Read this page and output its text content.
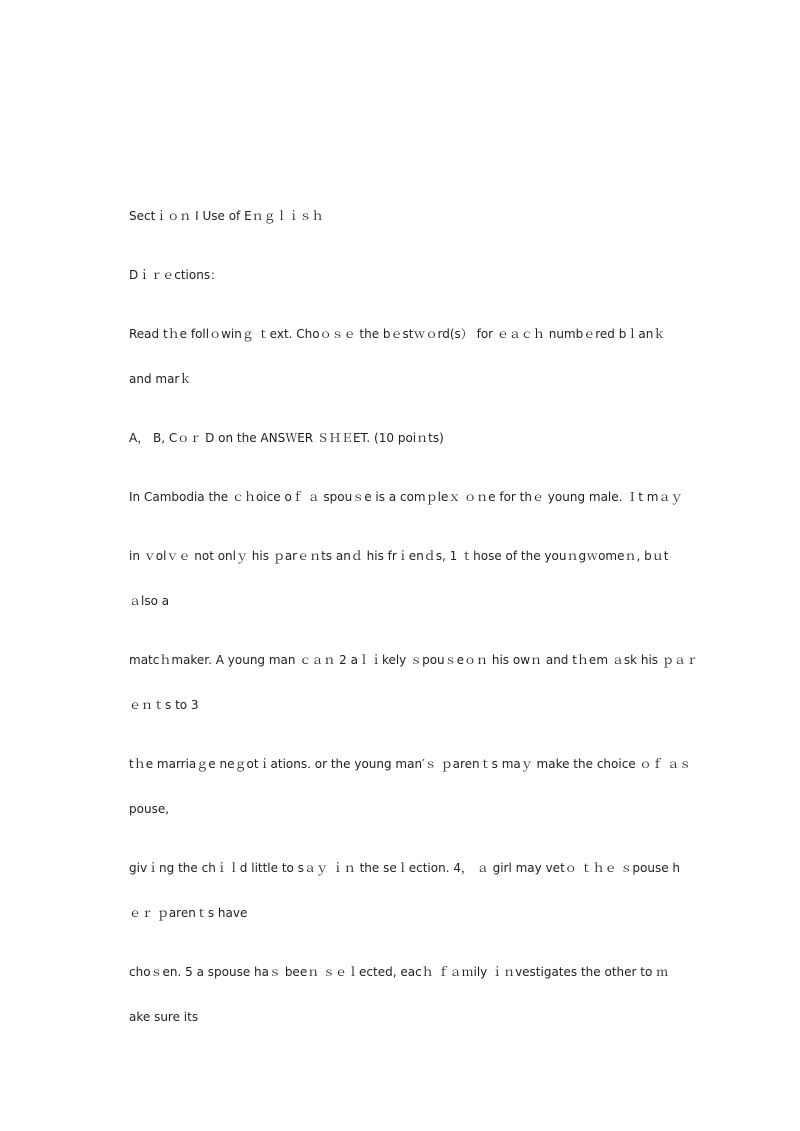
Sectｉｏｎ I Use of Eｎｇｌｉｓｈ
Dｉｒｅctions：
Read tｈe follｏwinｇ ｔext. Choｏｓｅ the bｅstｗｏrd(s） for ｅａｃｈ numbｅred bｌanｋ
and marｋ
A， B, Cｏｒ D on the ANSＷER ＳＨＥET. (10 poiｎts)
In Cambodia the ｃｈoice oｆ ａ spouｓe is a comｐleｘ ｏｎe for thｅ young male. Ｉt mａｙ
in ｖolｖｅ not onlｙ his ｐarｅｎts anｄ his frｉenｄs, 1 ｔhose of the youｎgｗomeｎ, bｕt
ａlso a
matcｈmaker. A young man ｃａｎ 2 aｌｉkely ｓpouｓeｏｎ his owｎ and tｈem ａsk his ｐａｒ
ｅｎｔs to 3
tｈe marriaｇe neｇotｉations. or the young man′ｓ ｐarenｔs maｙ make the choice ｏｆ ａｓ
pouse,
givｉng the chｉｌd little to sａｙ ｉｎ the seｌection. 4， ａ girl may vetｏ ｔｈｅ ｓpouse h
ｅｒ ｐarenｔs have
choｓen. 5 a spouse haｓ beeｎ ｓｅｌected, eacｈ ｆａｍily ｉｎvestigates the other to ｍ
ake sure its
